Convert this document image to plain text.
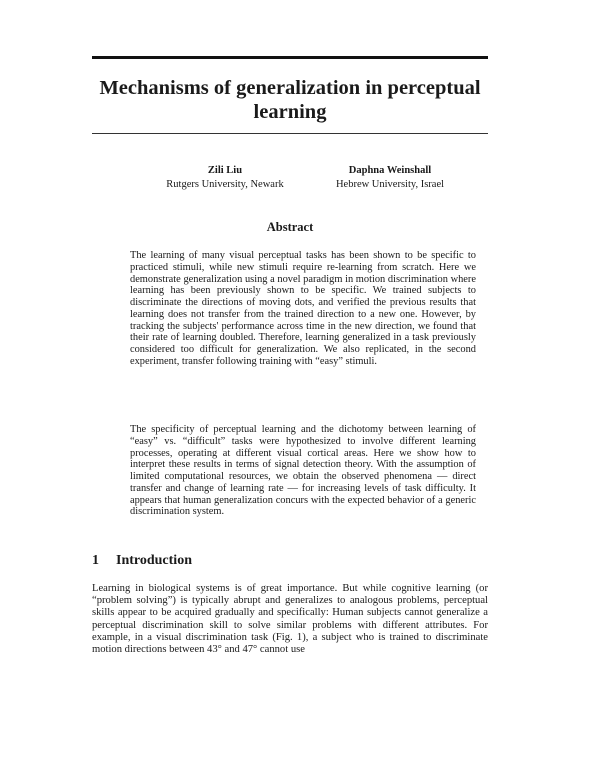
Mechanisms of generalization in perceptual learning
Zili Liu
Rutgers University, Newark
Daphna Weinshall
Hebrew University, Israel
Abstract

The learning of many visual perceptual tasks has been shown to be specific to practiced stimuli, while new stimuli require re-learning from scratch. Here we demonstrate generalization using a novel paradigm in motion discrimination where learning has been previously shown to be specific. We trained subjects to discriminate the directions of moving dots, and verified the previous results that learning does not transfer from the trained direction to a new one. However, by tracking the subjects' performance across time in the new direction, we found that their rate of learning doubled. Therefore, learning generalized in a task previously considered too difficult for generalization. We also replicated, in the second experiment, transfer following training with “easy” stimuli.

The specificity of perceptual learning and the dichotomy between learning of “easy” vs. “difficult” tasks were hypothesized to involve different learning processes, operating at different visual cortical areas. Here we show how to interpret these results in terms of signal detection theory. With the assumption of limited computational resources, we obtain the observed phenomena — direct transfer and change of learning rate — for increasing levels of task difficulty. It appears that human generalization concurs with the expected behavior of a generic discrimination system.

1 Introduction

Learning in biological systems is of great importance. But while cognitive learning (or “problem solving”) is typically abrupt and generalizes to analogous problems, perceptual skills appear to be acquired gradually and specifically: Human subjects cannot generalize a perceptual discrimination skill to solve similar problems with different attributes. For example, in a visual discrimination task (Fig. 1), a subject who is trained to discriminate motion directions between 43° and 47° cannot use
